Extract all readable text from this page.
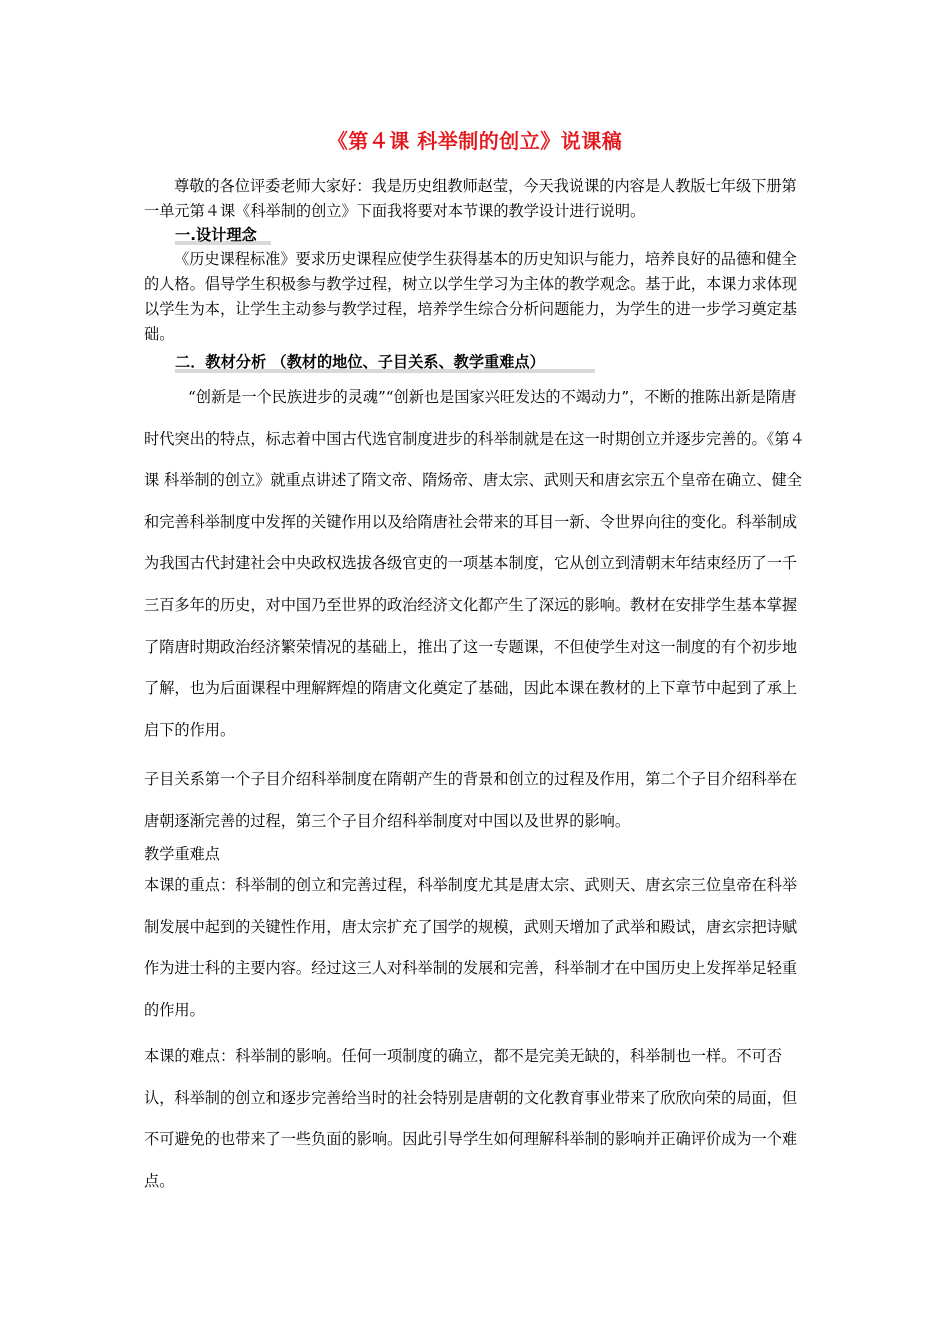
《第４课 科举制的创立》说课稿

尊敬的各位评委老师大家好：我是历史组教师赵莹，今天我说课的内容是人教版七年级下册第一单元第４课《科举制的创立》下面我将要对本节课的教学设计进行说明。

一.设计理念

《历史课程标准》要求历史课程应使学生获得基本的历史知识与能力，培养良好的品德和健全的人格。倡导学生积极参与教学过程，树立以学生学习为主体的教学观念。基于此，本课力求体现以学生为本，让学生主动参与教学过程，培养学生综合分析问题能力，为学生的进一步学习奠定基础。

二．教材分析 （教材的地位、子目关系、教学重难点）

“创新是一个民族进步的灵魂”“创新也是国家兴旺发达的不竭动力”，不断的推陈出新是隋唐时代突出的特点，标志着中国古代选官制度进步的科举制就是在这一时期创立并逐步完善的。《第４课 科举制的创立》就重点讲述了隋文帝、隋炀帝、唐太宗、武则天和唐玄宗五个皇帝在确立、健全和完善科举制度中发挥的关键作用以及给隋唐社会带来的耳目一新、令世界向往的变化。科举制成为我国古代封建社会中央政权选拔各级官吏的一项基本制度，它从创立到清朝末年结束经历了一千三百多年的历史，对中国乃至世界的政治经济文化都产生了深远的影响。教材在安排学生基本掌握了隋唐时期政治经济繁荣情况的基础上，推出了这一专题课，不但使学生对这一制度的有个初步地了解，也为后面课程中理解辉煌的隋唐文化奠定了基础，因此本课在教材的上下章节中起到了承上启下的作用。

子目关系第一个子目介绍科举制度在隋朝产生的背景和创立的过程及作用，第二个子目介绍科举在唐朝逐渐完善的过程，第三个子目介绍科举制度对中国以及世界的影响。

教学重难点

本课的重点：科举制的创立和完善过程，科举制度尤其是唐太宗、武则天、唐玄宗三位皇帝在科举制发展中起到的关键性作用，唐太宗扩充了国学的规模，武则天增加了武举和殿试，唐玄宗把诗赋作为进士科的主要内容。经过这三人对科举制的发展和完善，科举制才在中国历史上发挥举足轻重的作用。

本课的难点：科举制的影响。任何一项制度的确立，都不是完美无缺的，科举制也一样。不可否认，科举制的创立和逐步完善给当时的社会特别是唐朝的文化教育事业带来了欣欣向荣的局面，但不可避免的也带来了一些负面的影响。因此引导学生如何理解科举制的影响并正确评价成为一个难点。
